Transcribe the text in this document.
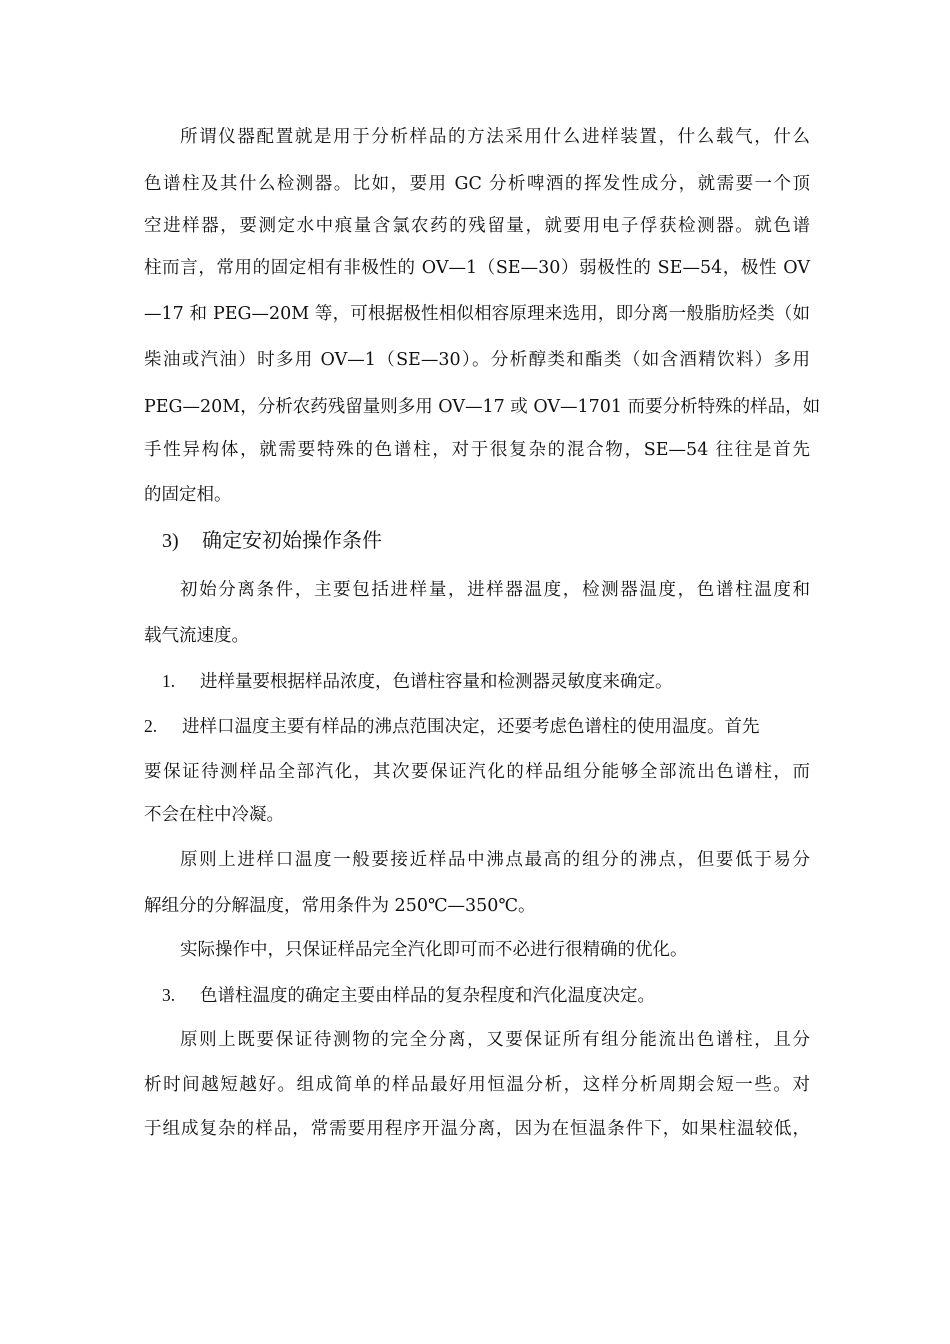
所谓仪器配置就是用于分析样品的方法采用什么进样装置，什么载气，什么
色谱柱及其什么检测器。比如，要用 GC 分析啤酒的挥发性成分，就需要一个顶
空进样器，要测定水中痕量含氯农药的残留量，就要用电子俘获检测器。就色谱
柱而言，常用的固定相有非极性的 OV—1（SE—30）弱极性的 SE—54，极性 OV
—17 和 PEG—20M 等，可根据极性相似相容原理来选用，即分离一般脂肪烃类（如
柴油或汽油）时多用 OV—1（SE—30）。分析醇类和酯类（如含酒精饮料）多用
PEG—20M，分析农药残留量则多用 OV—17 或 OV—1701 而要分析特殊的样品，如
手性异构体，就需要特殊的色谱柱，对于很复杂的混合物，SE—54 往往是首先
的固定相。
3) 确定安初始操作条件
初始分离条件，主要包括进样量，进样器温度，检测器温度，色谱柱温度和
载气流速度。
1. 进样量要根据样品浓度，色谱柱容量和检测器灵敏度来确定。
2. 进样口温度主要有样品的沸点范围决定，还要考虑色谱柱的使用温度。首先
要保证待测样品全部汽化，其次要保证汽化的样品组分能够全部流出色谱柱，而
不会在柱中冷凝。
原则上进样口温度一般要接近样品中沸点最高的组分的沸点，但要低于易分
解组分的分解温度，常用条件为 250℃—350℃。
实际操作中，只保证样品完全汽化即可而不必进行很精确的优化。
3. 色谱柱温度的确定主要由样品的复杂程度和汽化温度决定。
原则上既要保证待测物的完全分离，又要保证所有组分能流出色谱柱，且分
析时间越短越好。组成简单的样品最好用恒温分析，这样分析周期会短一些。对
于组成复杂的样品，常需要用程序开温分离，因为在恒温条件下，如果柱温较低，
